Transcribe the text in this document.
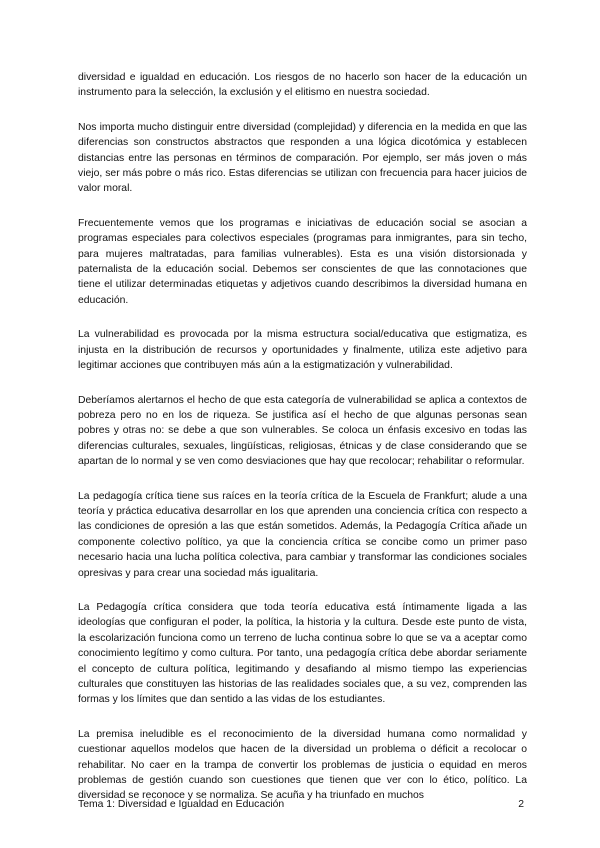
diversidad e igualdad en educación. Los riesgos de no hacerlo son hacer de la educación un instrumento para la selección, la exclusión y el elitismo en nuestra sociedad.

Nos importa mucho distinguir entre diversidad (complejidad) y diferencia en la medida en que las diferencias son constructos abstractos que responden a una lógica dicotómica y establecen distancias entre las personas en términos de comparación. Por ejemplo, ser más joven o más viejo, ser más pobre o más rico. Estas diferencias se utilizan con frecuencia para hacer juicios de valor moral.

Frecuentemente vemos que los programas e iniciativas de educación social se asocian a programas especiales para colectivos especiales (programas para inmigrantes, para sin techo, para mujeres maltratadas, para familias vulnerables). Esta es una visión distorsionada y paternalista de la educación social. Debemos ser conscientes de que las connotaciones que tiene el utilizar determinadas etiquetas y adjetivos cuando describimos la diversidad humana en educación.

La vulnerabilidad es provocada por la misma estructura social/educativa que estigmatiza, es injusta en la distribución de recursos y oportunidades y finalmente, utiliza este adjetivo para legitimar acciones que contribuyen más aún a la estigmatización y vulnerabilidad.

Deberíamos alertarnos el hecho de que esta categoría de vulnerabilidad se aplica a contextos de pobreza pero no en los de riqueza. Se justifica así el hecho de que algunas personas sean pobres y otras no: se debe a que son vulnerables. Se coloca un énfasis excesivo en todas las diferencias culturales, sexuales, lingüísticas, religiosas, étnicas y de clase considerando que se apartan de lo normal y se ven como desviaciones que hay que recolocar; rehabilitar o reformular.

La pedagogía crítica tiene sus raíces en la teoría crítica de la Escuela de Frankfurt; alude a una teoría y práctica educativa desarrollar en los que aprenden una conciencia crítica con respecto a las condiciones de opresión a las que están sometidos. Además, la Pedagogía Crítica añade un componente colectivo político, ya que la conciencia crítica se concibe como un primer paso necesario hacia una lucha política colectiva, para cambiar y transformar las condiciones sociales opresivas y para crear una sociedad más igualitaria.

La Pedagogía crítica considera que toda teoría educativa está íntimamente ligada a las ideologías que configuran el poder, la política, la historia y la cultura. Desde este punto de vista, la escolarización funciona como un terreno de lucha continua sobre lo que se va a aceptar como conocimiento legítimo y como cultura. Por tanto, una pedagogía crítica debe abordar seriamente el concepto de cultura política, legitimando y desafiando al mismo tiempo las experiencias culturales que constituyen las historias de las realidades sociales que, a su vez, comprenden las formas y los límites que dan sentido a las vidas de los estudiantes.

La premisa ineludible es el reconocimiento de la diversidad humana como normalidad y cuestionar aquellos modelos que hacen de la diversidad un problema o déficit a recolocar o rehabilitar. No caer en la trampa de convertir los problemas de justicia o equidad en meros problemas de gestión cuando son cuestiones que tienen que ver con lo ético, político. La diversidad se reconoce y se normaliza. Se acuña y ha triunfado en muchos

Tema 1: Diversidad e Igualdad en Educación	2
